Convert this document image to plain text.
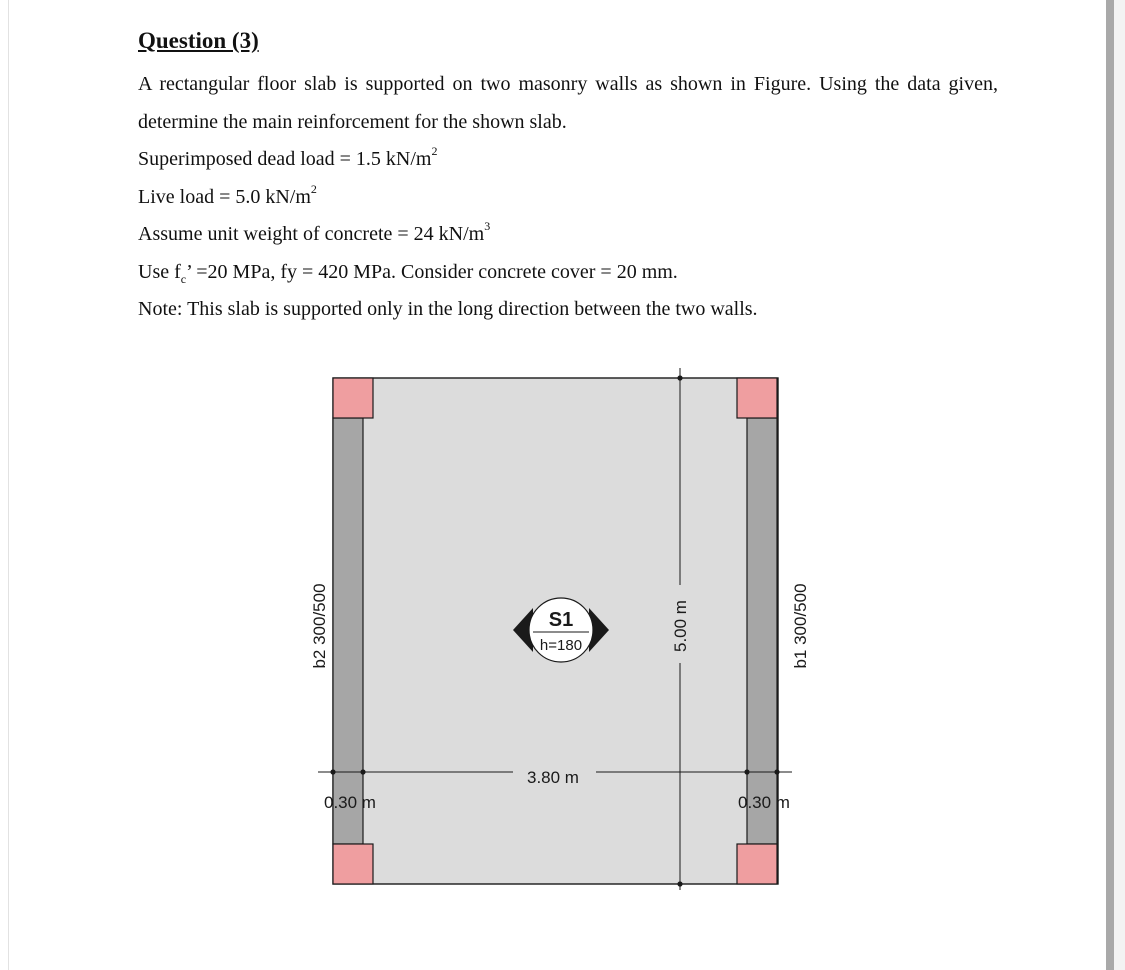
Question (3)

A rectangular floor slab is supported on two masonry walls as shown in Figure. Using the data given, determine the main reinforcement for the shown slab.

Superimposed dead load = 1.5 $kN/m^2$

Live load = 5.0 $kN/m^2$

Assume unit weight of concrete = 24 $kN/m^3$

Use $f_c$’ =20 MPa, fy = 420 MPa. Consider concrete cover = 20 mm.

Note: This slab is supported only in the long direction between the two walls.

3.80 m
5.00 m
0.30 m	0.30 m
b2 300/500	b1 300/500
S1
h=180
